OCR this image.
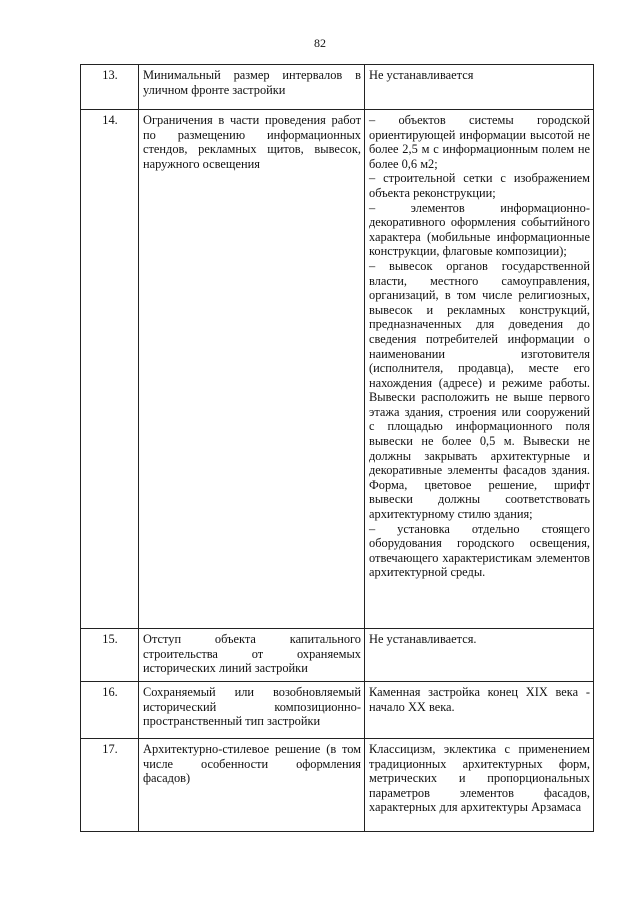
82
13.	Минимальный размер интервалов в уличном фронте застройки	Не устанавливается

14.	Ограничения в части проведения работ по размещению информационных стендов, рекламных щитов, вывесок, наружного освещения	– объектов системы городской ориентирующей информации высотой не более 2,5 м с информационным полем не более 0,6 м2;
– строительной сетки с изображением объекта реконструкции;
– элементов информационно-декоративного оформления событийного характера (мобильные информационные конструкции, флаговые композиции);
– вывесок органов государственной власти, местного самоуправления, организаций, в том числе религиозных, вывесок и рекламных конструкций, предназначенных для доведения до сведения потребителей информации о наименовании изготовителя (исполнителя, продавца), месте его нахождения (адресе) и режиме работы. Вывески расположить не выше первого этажа здания, строения или сооружений с площадью информационного поля вывески не более 0,5 м. Вывески не должны закрывать архитектурные и декоративные элементы фасадов здания. Форма, цветовое решение, шрифт вывески должны соответствовать архитектурному стилю здания;
– установка отдельно стоящего оборудования городского освещения, отвечающего характеристикам элементов архитектурной среды.

15.	Отступ объекта капитального строительства от охраняемых исторических линий застройки	Не устанавливается.

16.	Сохраняемый или возобновляемый исторический композиционно-пространственный тип застройки	Каменная застройка конец XIX века - начало XX века.

17.	Архитектурно-стилевое решение (в том числе особенности оформления фасадов)	Классицизм, эклектика с применением традиционных архитектурных форм, метрических и пропорциональных параметров элементов фасадов, характерных для архитектуры Арзамаса
